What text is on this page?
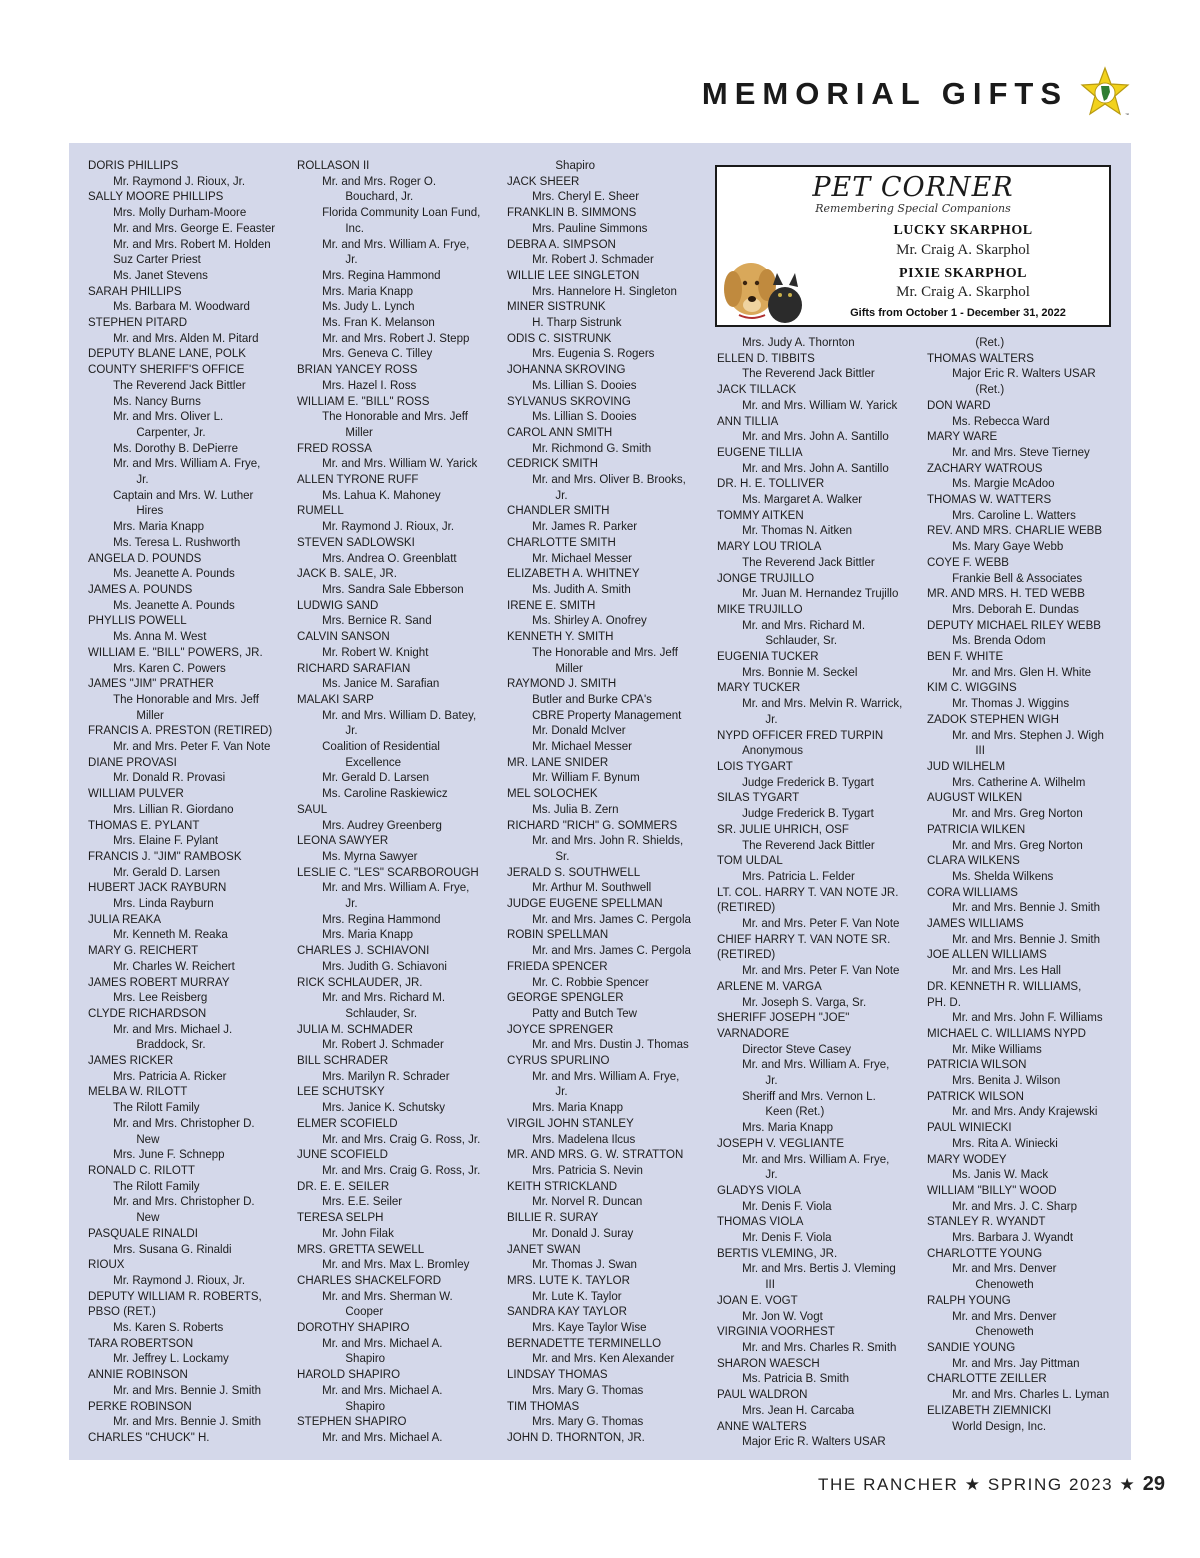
MEMORIAL GIFTS
™
DORIS PHILLIPS
Mr. Raymond J. Rioux, Jr.
SALLY MOORE PHILLIPS
Mrs. Molly Durham-Moore
Mr. and Mrs. George E. Feaster
Mr. and Mrs. Robert M. Holden
Suz Carter Priest
Ms. Janet Stevens
SARAH PHILLIPS
Ms. Barbara M. Woodward
STEPHEN PITARD
Mr. and Mrs. Alden M. Pitard
DEPUTY BLANE LANE, POLK
COUNTY SHERIFF'S OFFICE
The Reverend Jack Bittler
Ms. Nancy Burns
Mr. and Mrs. Oliver L.
Carpenter, Jr.
Ms. Dorothy B. DePierre
Mr. and Mrs. William A. Frye,
Jr.
Captain and Mrs. W. Luther
Hires
Mrs. Maria Knapp
Ms. Teresa L. Rushworth
ANGELA D. POUNDS
Ms. Jeanette A. Pounds
JAMES A. POUNDS
Ms. Jeanette A. Pounds
PHYLLIS POWELL
Ms. Anna M. West
WILLIAM E. "BILL" POWERS, JR.
Mrs. Karen C. Powers
JAMES "JIM" PRATHER
The Honorable and Mrs. Jeff
Miller
FRANCIS A. PRESTON (RETIRED)
Mr. and Mrs. Peter F. Van Note
DIANE PROVASI
Mr. Donald R. Provasi
WILLIAM PULVER
Mrs. Lillian R. Giordano
THOMAS E. PYLANT
Mrs. Elaine F. Pylant
FRANCIS J. "JIM" RAMBOSK
Mr. Gerald D. Larsen
HUBERT JACK RAYBURN
Mrs. Linda Rayburn
JULIA REAKA
Mr. Kenneth M. Reaka
MARY G. REICHERT
Mr. Charles W. Reichert
JAMES ROBERT MURRAY
Mrs. Lee Reisberg
CLYDE RICHARDSON
Mr. and Mrs. Michael J.
Braddock, Sr.
JAMES RICKER
Mrs. Patricia A. Ricker
MELBA W. RILOTT
The Rilott Family
Mr. and Mrs. Christopher D.
New
Mrs. June F. Schnepp
RONALD C. RILOTT
The Rilott Family
Mr. and Mrs. Christopher D.
New
PASQUALE RINALDI
Mrs. Susana G. Rinaldi
RIOUX
Mr. Raymond J. Rioux, Jr.
DEPUTY WILLIAM R. ROBERTS,
PBSO (RET.)
Ms. Karen S. Roberts
TARA ROBERTSON
Mr. Jeffrey L. Lockamy
ANNIE ROBINSON
Mr. and Mrs. Bennie J. Smith
PERKE ROBINSON
Mr. and Mrs. Bennie J. Smith
CHARLES "CHUCK" H.
ROLLASON II
Mr. and Mrs. Roger O.
Bouchard, Jr.
Florida Community Loan Fund,
Inc.
Mr. and Mrs. William A. Frye,
Jr.
Mrs. Regina Hammond
Mrs. Maria Knapp
Ms. Judy L. Lynch
Ms. Fran K. Melanson
Mr. and Mrs. Robert J. Stepp
Mrs. Geneva C. Tilley
BRIAN YANCEY ROSS
Mrs. Hazel I. Ross
WILLIAM E. "BILL" ROSS
The Honorable and Mrs. Jeff
Miller
FRED ROSSA
Mr. and Mrs. William W. Yarick
ALLEN TYRONE RUFF
Ms. Lahua K. Mahoney
RUMELL
Mr. Raymond J. Rioux, Jr.
STEVEN SADLOWSKI
Mrs. Andrea O. Greenblatt
JACK B. SALE, JR.
Mrs. Sandra Sale Ebberson
LUDWIG SAND
Mrs. Bernice R. Sand
CALVIN SANSON
Mr. Robert W. Knight
RICHARD SARAFIAN
Ms. Janice M. Sarafian
MALAKI SARP
Mr. and Mrs. William D. Batey,
Jr.
Coalition of Residential
Excellence
Mr. Gerald D. Larsen
Ms. Caroline Raskiewicz
SAUL
Mrs. Audrey Greenberg
LEONA SAWYER
Ms. Myrna Sawyer
LESLIE C. "LES" SCARBOROUGH
Mr. and Mrs. William A. Frye,
Jr.
Mrs. Regina Hammond
Mrs. Maria Knapp
CHARLES J. SCHIAVONI
Mrs. Judith G. Schiavoni
RICK SCHLAUDER, JR.
Mr. and Mrs. Richard M.
Schlauder, Sr.
JULIA M. SCHMADER
Mr. Robert J. Schmader
BILL SCHRADER
Mrs. Marilyn R. Schrader
LEE SCHUTSKY
Mrs. Janice K. Schutsky
ELMER SCOFIELD
Mr. and Mrs. Craig G. Ross, Jr.
JUNE SCOFIELD
Mr. and Mrs. Craig G. Ross, Jr.
DR. E. E. SEILER
Mrs. E.E. Seiler
TERESA SELPH
Mr. John Filak
MRS. GRETTA SEWELL
Mr. and Mrs. Max L. Bromley
CHARLES SHACKELFORD
Mr. and Mrs. Sherman W.
Cooper
DOROTHY SHAPIRO
Mr. and Mrs. Michael A.
Shapiro
HAROLD SHAPIRO
Mr. and Mrs. Michael A.
Shapiro
STEPHEN SHAPIRO
Mr. and Mrs. Michael A.
Shapiro
JACK SHEER
Mrs. Cheryl E. Sheer
FRANKLIN B. SIMMONS
Mrs. Pauline Simmons
DEBRA A. SIMPSON
Mr. Robert J. Schmader
WILLIE LEE SINGLETON
Mrs. Hannelore H. Singleton
MINER SISTRUNK
H. Tharp Sistrunk
ODIS C. SISTRUNK
Mrs. Eugenia S. Rogers
JOHANNA SKROVING
Ms. Lillian S. Dooies
SYLVANUS SKROVING
Ms. Lillian S. Dooies
CAROL ANN SMITH
Mr. Richmond G. Smith
CEDRICK SMITH
Mr. and Mrs. Oliver B. Brooks,
Jr.
CHANDLER SMITH
Mr. James R. Parker
CHARLOTTE SMITH
Mr. Michael Messer
ELIZABETH A. WHITNEY
Ms. Judith A. Smith
IRENE E. SMITH
Ms. Shirley A. Onofrey
KENNETH Y. SMITH
The Honorable and Mrs. Jeff
Miller
RAYMOND J. SMITH
Butler and Burke CPA's
CBRE Property Management
Mr. Donald McIver
Mr. Michael Messer
MR. LANE SNIDER
Mr. William F. Bynum
MEL SOLOCHEK
Ms. Julia B. Zern
RICHARD "RICH" G. SOMMERS
Mr. and Mrs. John R. Shields,
Sr.
JERALD S. SOUTHWELL
Mr. Arthur M. Southwell
JUDGE EUGENE SPELLMAN
Mr. and Mrs. James C. Pergola
ROBIN SPELLMAN
Mr. and Mrs. James C. Pergola
FRIEDA SPENCER
Mr. C. Robbie Spencer
GEORGE SPENGLER
Patty and Butch Tew
JOYCE SPRENGER
Mr. and Mrs. Dustin J. Thomas
CYRUS SPURLINO
Mr. and Mrs. William A. Frye,
Jr.
Mrs. Maria Knapp
VIRGIL JOHN STANLEY
Mrs. Madelena Ilcus
MR. AND MRS. G. W. STRATTON
Mrs. Patricia S. Nevin
KEITH STRICKLAND
Mr. Norvel R. Duncan
BILLIE R. SURAY
Mr. Donald J. Suray
JANET SWAN
Mr. Thomas J. Swan
MRS. LUTE K. TAYLOR
Mr. Lute K. Taylor
SANDRA KAY TAYLOR
Mrs. Kaye Taylor Wise
BERNADETTE TERMINELLO
Mr. and Mrs. Ken Alexander
LINDSAY THOMAS
Mrs. Mary G. Thomas
TIM THOMAS
Mrs. Mary G. Thomas
JOHN D. THORNTON, JR.
Mrs. Judy A. Thornton
ELLEN D. TIBBITS
The Reverend Jack Bittler
JACK TILLACK
Mr. and Mrs. William W. Yarick
ANN TILLIA
Mr. and Mrs. John A. Santillo
EUGENE TILLIA
Mr. and Mrs. John A. Santillo
DR. H. E. TOLLIVER
Ms. Margaret A. Walker
TOMMY AITKEN
Mr. Thomas N. Aitken
MARY LOU TRIOLA
The Reverend Jack Bittler
JONGE TRUJILLO
Mr. Juan M. Hernandez Trujillo
MIKE TRUJILLO
Mr. and Mrs. Richard M.
Schlauder, Sr.
EUGENIA TUCKER
Mrs. Bonnie M. Seckel
MARY TUCKER
Mr. and Mrs. Melvin R. Warrick,
Jr.
NYPD OFFICER FRED TURPIN
Anonymous
LOIS TYGART
Judge Frederick B. Tygart
SILAS TYGART
Judge Frederick B. Tygart
SR. JULIE UHRICH, OSF
The Reverend Jack Bittler
TOM ULDAL
Mrs. Patricia L. Felder
LT. COL. HARRY T. VAN NOTE JR.
(RETIRED)
Mr. and Mrs. Peter F. Van Note
CHIEF HARRY T. VAN NOTE SR.
(RETIRED)
Mr. and Mrs. Peter F. Van Note
ARLENE M. VARGA
Mr. Joseph S. Varga, Sr.
SHERIFF JOSEPH "JOE"
VARNADORE
Director Steve Casey
Mr. and Mrs. William A. Frye,
Jr.
Sheriff and Mrs. Vernon L.
Keen (Ret.)
Mrs. Maria Knapp
JOSEPH V. VEGLIANTE
Mr. and Mrs. William A. Frye,
Jr.
GLADYS VIOLA
Mr. Denis F. Viola
THOMAS VIOLA
Mr. Denis F. Viola
BERTIS VLEMING, JR.
Mr. and Mrs. Bertis J. Vleming
III
JOAN E. VOGT
Mr. Jon W. Vogt
VIRGINIA VOORHEST
Mr. and Mrs. Charles R. Smith
SHARON WAESCH
Ms. Patricia B. Smith
PAUL WALDRON
Mrs. Jean H. Carcaba
ANNE WALTERS
Major Eric R. Walters USAR
(Ret.)
THOMAS WALTERS
Major Eric R. Walters USAR
(Ret.)
DON WARD
Ms. Rebecca Ward
MARY WARE
Mr. and Mrs. Steve Tierney
ZACHARY WATROUS
Ms. Margie McAdoo
THOMAS W. WATTERS
Mrs. Caroline L. Watters
REV. AND MRS. CHARLIE WEBB
Ms. Mary Gaye Webb
COYE F. WEBB
Frankie Bell & Associates
MR. AND MRS. H. TED WEBB
Mrs. Deborah E. Dundas
DEPUTY MICHAEL RILEY WEBB
Ms. Brenda Odom
BEN F. WHITE
Mr. and Mrs. Glen H. White
KIM C. WIGGINS
Mr. Thomas J. Wiggins
ZADOK STEPHEN WIGH
Mr. and Mrs. Stephen J. Wigh
III
JUD WILHELM
Mrs. Catherine A. Wilhelm
AUGUST WILKEN
Mr. and Mrs. Greg Norton
PATRICIA WILKEN
Mr. and Mrs. Greg Norton
CLARA WILKENS
Ms. Shelda Wilkens
CORA WILLIAMS
Mr. and Mrs. Bennie J. Smith
JAMES WILLIAMS
Mr. and Mrs. Bennie J. Smith
JOE ALLEN WILLIAMS
Mr. and Mrs. Les Hall
DR. KENNETH R. WILLIAMS,
PH. D.
Mr. and Mrs. John F. Williams
MICHAEL C. WILLIAMS NYPD
Mr. Mike Williams
PATRICIA WILSON
Mrs. Benita J. Wilson
PATRICK WILSON
Mr. and Mrs. Andy Krajewski
PAUL WINIECKI
Mrs. Rita A. Winiecki
MARY WODEY
Ms. Janis W. Mack
WILLIAM "BILLY" WOOD
Mr. and Mrs. J. C. Sharp
STANLEY R. WYANDT
Mrs. Barbara J. Wyandt
CHARLOTTE YOUNG
Mr. and Mrs. Denver
Chenoweth
RALPH YOUNG
Mr. and Mrs. Denver
Chenoweth
SANDIE YOUNG
Mr. and Mrs. Jay Pittman
CHARLOTTE ZEILLER
Mr. and Mrs. Charles L. Lyman
ELIZABETH ZIEMNICKI
World Design, Inc.
PET CORNER
Remembering Special Companions
LUCKY SKARPHOL
Mr. Craig A. Skarphol
PIXIE SKARPHOL
Mr. Craig A. Skarphol
Gifts from October 1 - December 31, 2022
THE RANCHER ★ SPRING 2023 ★ 29
